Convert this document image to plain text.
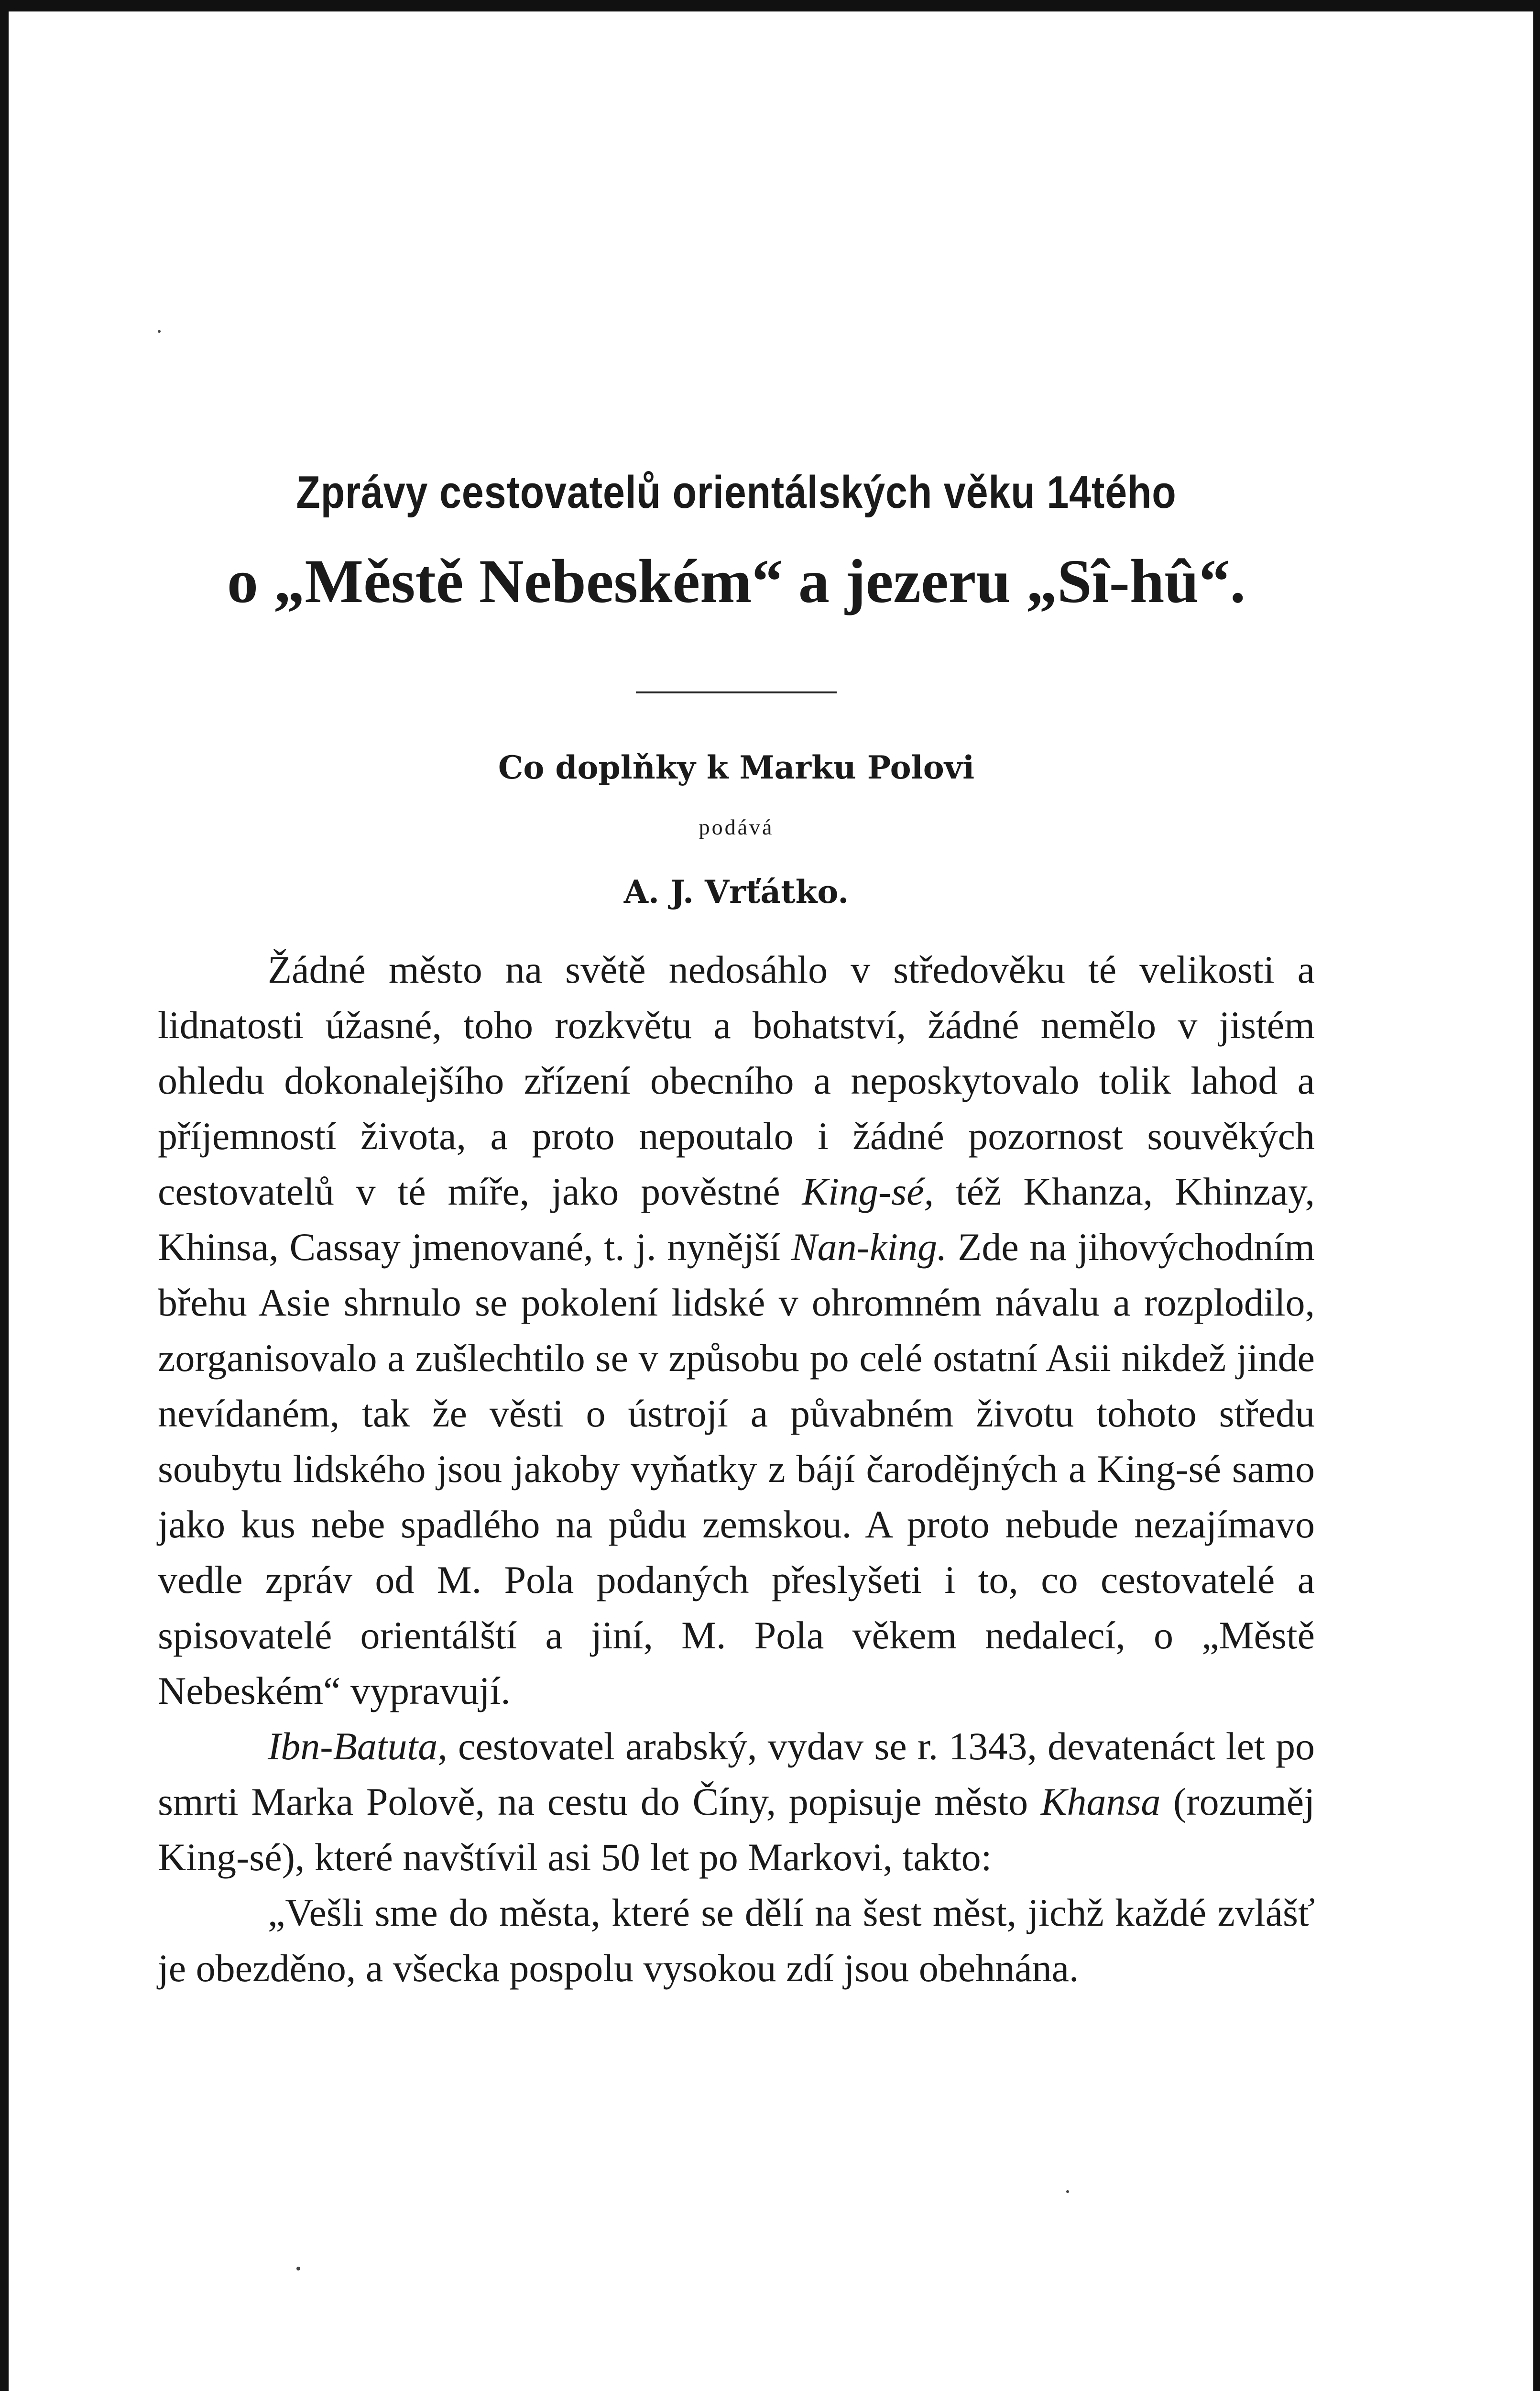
Zprávy cestovatelů orientálských věku 14tého
o „Městě Nebeském“ a jezeru „Sî-hû“.
Co doplňky k Marku Polovi
podává
A. J. Vrťátko.

Žádné město na světě nedosáhlo v středověku té velikosti a lidnatosti úžasné, toho rozkvětu a bohatství, žádné nemělo v jistém ohledu dokonalejšího zřízení obecního a neposkytovalo tolik lahod a příjemností života, a proto nepoutalo i žádné pozornost souvěkých cestovatelů v té míře, jako pověstné King-sé, též Khanza, Khinzay, Khinsa, Cassay jmenované, t. j. nynější Nan-king. Zde na jihovýchodním břehu Asie shrnulo se pokolení lidské v ohromném návalu a rozplodilo, zorganisovalo a zušlechtilo se v způsobu po celé ostatní Asii nikdež jinde nevídaném, tak že věsti o ústrojí a půvabném životu tohoto středu soubytu lidského jsou jakoby vyňatky z bájí čarodějných a King-sé samo jako kus nebe spadlého na půdu zemskou. A proto nebude nezajímavo vedle zpráv od M. Pola podaných přeslyšeti i to, co cestovatelé a spisovatelé orientálští a jiní, M. Pola věkem nedalecí, o „Městě Nebeském“ vypravují.

Ibn-Batuta, cestovatel arabský, vydav se r. 1343, devatenáct let po smrti Marka Polově, na cestu do Číny, popisuje město Khansa (rozuměj King-sé), které navštívil asi 50 let po Markovi, takto:

„Vešli sme do města, které se dělí na šest měst, jichž každé zvlášť je obezděno, a všecka pospolu vysokou zdí jsou obehnána.
